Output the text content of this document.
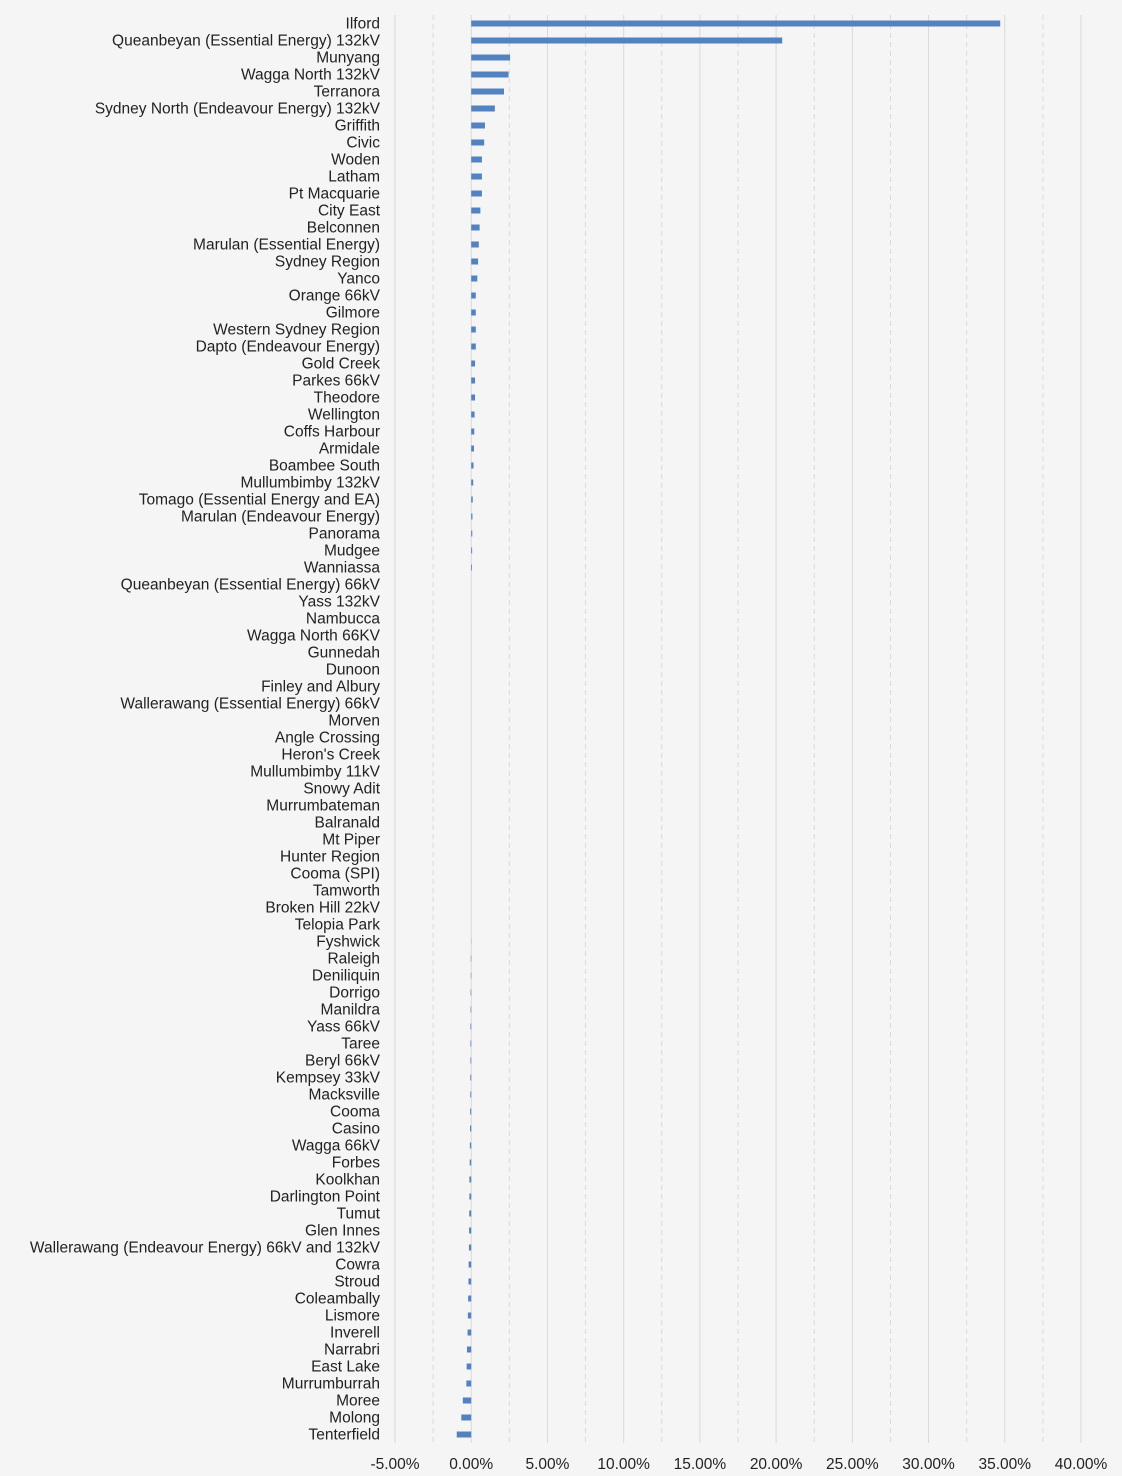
Ilford
Queanbeyan (Essential Energy) 132kV
Munyang
Wagga North 132kV
Terranora
Sydney North (Endeavour Energy) 132kV
Griffith
Civic
Woden
Latham
Pt Macquarie
City East
Belconnen
Marulan (Essential Energy)
Sydney Region
Yanco
Orange 66kV
Gilmore
Western Sydney Region
Dapto (Endeavour Energy)
Gold Creek
Parkes 66kV
Theodore
Wellington
Coffs Harbour
Armidale
Boambee South
Mullumbimby 132kV
Tomago (Essential Energy and EA)
Marulan (Endeavour Energy)
Panorama
Mudgee
Wanniassa
Queanbeyan (Essential Energy) 66kV
Yass 132kV
Nambucca
Wagga North 66KV
Gunnedah
Dunoon
Finley and Albury
Wallerawang (Essential Energy) 66kV
Morven
Angle Crossing
Heron's Creek
Mullumbimby 11kV
Snowy Adit
Murrumbateman
Balranald
Mt Piper
Hunter Region
Cooma (SPI)
Tamworth
Broken Hill 22kV
Telopia Park
Fyshwick
Raleigh
Deniliquin
Dorrigo
Manildra
Yass 66kV
Taree
Beryl 66kV
Kempsey 33kV
Macksville
Cooma
Casino
Wagga 66kV
Forbes
Koolkhan
Darlington Point
Tumut
Glen Innes
Wallerawang (Endeavour Energy) 66kV and 132kV
Cowra
Stroud
Coleambally
Lismore
Inverell
Narrabri
East Lake
Murrumburrah
Moree
Molong
Tenterfield
-5.00% 0.00% 5.00% 10.00% 15.00% 20.00% 25.00% 30.00% 35.00% 40.00%
